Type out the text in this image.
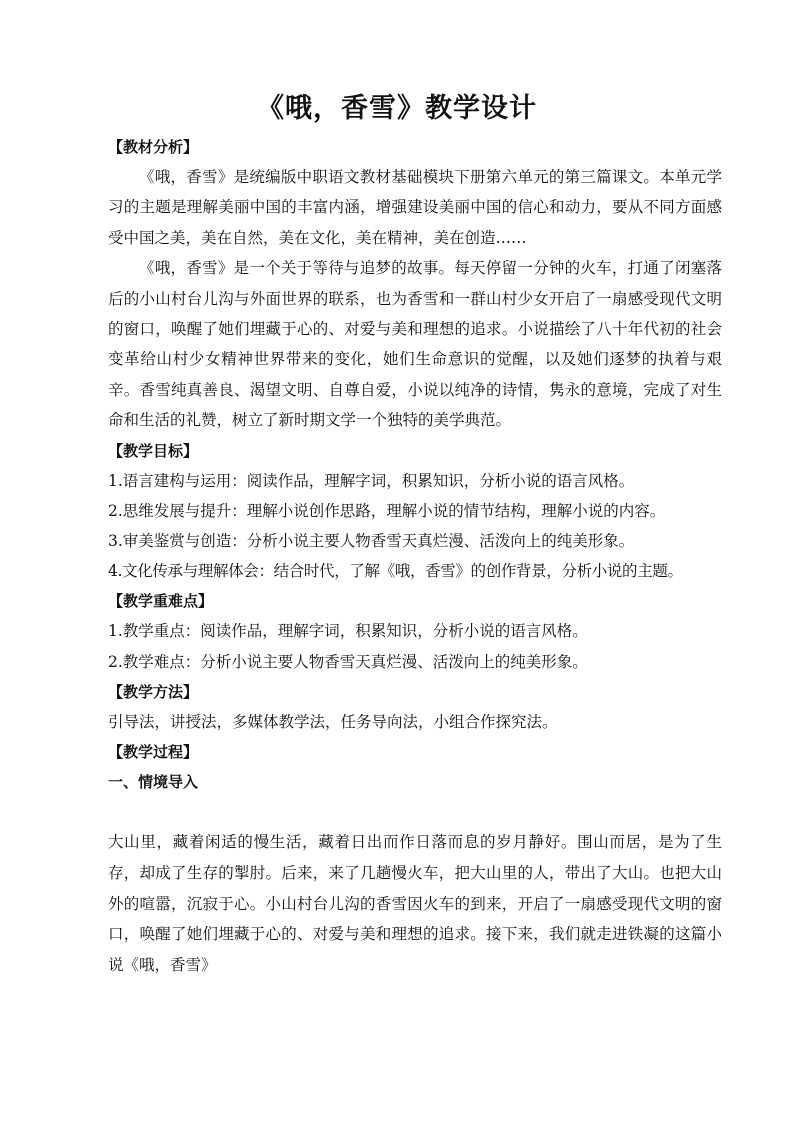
《哦，香雪》教学设计
【教材分析】

《哦，香雪》是统编版中职语文教材基础模块下册第六单元的第三篇课文。本单元学习的主题是理解美丽中国的丰富内涵，增强建设美丽中国的信心和动力，要从不同方面感受中国之美，美在自然，美在文化，美在精神，美在创造……

《哦，香雪》是一个关于等待与追梦的故事。每天停留一分钟的火车，打通了闭塞落后的小山村台儿沟与外面世界的联系，也为香雪和一群山村少女开启了一扇感受现代文明的窗口，唤醒了她们埋藏于心的、对爱与美和理想的追求。小说描绘了八十年代初的社会变革给山村少女精神世界带来的变化，她们生命意识的觉醒，以及她们逐梦的执着与艰辛。香雪纯真善良、渴望文明、自尊自爱，小说以纯净的诗情，隽永的意境，完成了对生命和生活的礼赞，树立了新时期文学一个独特的美学典范。

【教学目标】

1.语言建构与运用：阅读作品，理解字词，积累知识，分析小说的语言风格。

2.思维发展与提升：理解小说创作思路，理解小说的情节结构，理解小说的内容。

3.审美鉴赏与创造：分析小说主要人物香雪天真烂漫、活泼向上的纯美形象。

4.文化传承与理解体会：结合时代，了解《哦，香雪》的创作背景，分析小说的主题。

【教学重难点】

1.教学重点：阅读作品，理解字词，积累知识，分析小说的语言风格。

2.教学难点：分析小说主要人物香雪天真烂漫、活泼向上的纯美形象。

【教学方法】

引导法，讲授法，多媒体教学法，任务导向法，小组合作探究法。

【教学过程】
一、情境导入

大山里，藏着闲适的慢生活，藏着日出而作日落而息的岁月静好。围山而居，是为了生存，却成了生存的掣肘。后来，来了几趟慢火车，把大山里的人，带出了大山。也把大山外的喧嚣，沉寂于心。小山村台儿沟的香雪因火车的到来，开启了一扇感受现代文明的窗口，唤醒了她们埋藏于心的、对爱与美和理想的追求。接下来，我们就走进铁凝的这篇小说《哦，香雪》
